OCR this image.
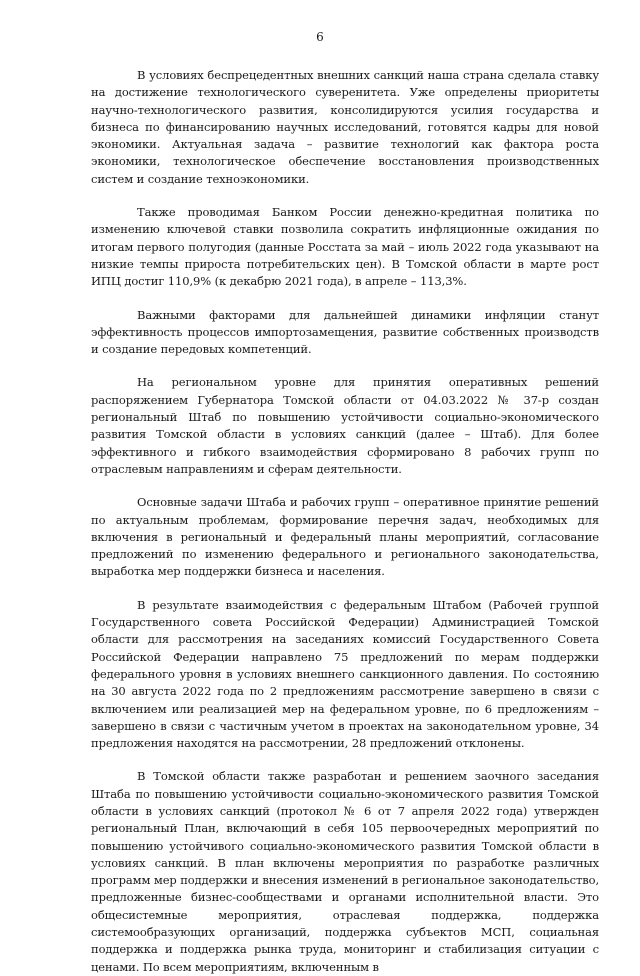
6

В условиях беспрецедентных внешних санкций наша страна сделала ставку на достижение технологического суверенитета. Уже определены приоритеты научно-технологического развития, консолидируются усилия государства и бизнеса по финансированию научных исследований, готовятся кадры для новой экономики. Актуальная задача – развитие технологий как фактора роста экономики, технологическое обеспечение восстановления производственных систем и создание техноэкономики.

Также проводимая Банком России денежно-кредитная политика по изменению ключевой ставки позволила сократить инфляционные ожидания по итогам первого полугодия (данные Росстата за май – июль 2022 года указывают на низкие темпы прироста потребительских цен). В Томской области в марте рост ИПЦ достиг 110,9% (к декабрю 2021 года), в апреле – 113,3%.

Важными факторами для дальнейшей динамики инфляции станут эффективность процессов импортозамещения, развитие собственных производств и создание передовых компетенций.

На региональном уровне для принятия оперативных решений распоряжением Губернатора Томской области от 04.03.2022 № 37-р создан региональный Штаб по повышению устойчивости социально-экономического развития Томской области в условиях санкций (далее – Штаб). Для более эффективного и гибкого взаимодействия сформировано 8 рабочих групп по отраслевым направлениям и сферам деятельности.

Основные задачи Штаба и рабочих групп – оперативное принятие решений по актуальным проблемам, формирование перечня задач, необходимых для включения в региональный и федеральный планы мероприятий, согласование предложений по изменению федерального и регионального законодательства, выработка мер поддержки бизнеса и населения.

В результате взаимодействия с федеральным Штабом (Рабочей группой Государственного совета Российской Федерации) Администрацией Томской области для рассмотрения на заседаниях комиссий Государственного Совета Российской Федерации направлено 75 предложений по мерам поддержки федерального уровня в условиях внешнего санкционного давления. По состоянию на 30 августа 2022 года по 2 предложениям рассмотрение завершено в связи с включением или реализацией мер на федеральном уровне, по 6 предложениям – завершено в связи с частичным учетом в проектах на законодательном уровне, 34 предложения находятся на рассмотрении, 28 предложений отклонены.

В Томской области также разработан и решением заочного заседания Штаба по повышению устойчивости социально-экономического развития Томской области в условиях санкций (протокол № 6 от 7 апреля 2022 года) утвержден региональный План, включающий в себя 105 первоочередных мероприятий по повышению устойчивого социально-экономического развития Томской области в условиях санкций. В план включены мероприятия по разработке различных программ мер поддержки и внесения изменений в региональное законодательство, предложенные бизнес-сообществами и органами исполнительной власти. Это общесистемные мероприятия, отраслевая поддержка, поддержка системообразующих организаций, поддержка субъектов МСП, социальная поддержка и поддержка рынка труда, мониторинг и стабилизация ситуации с ценами. По всем мероприятиям, включенным в
